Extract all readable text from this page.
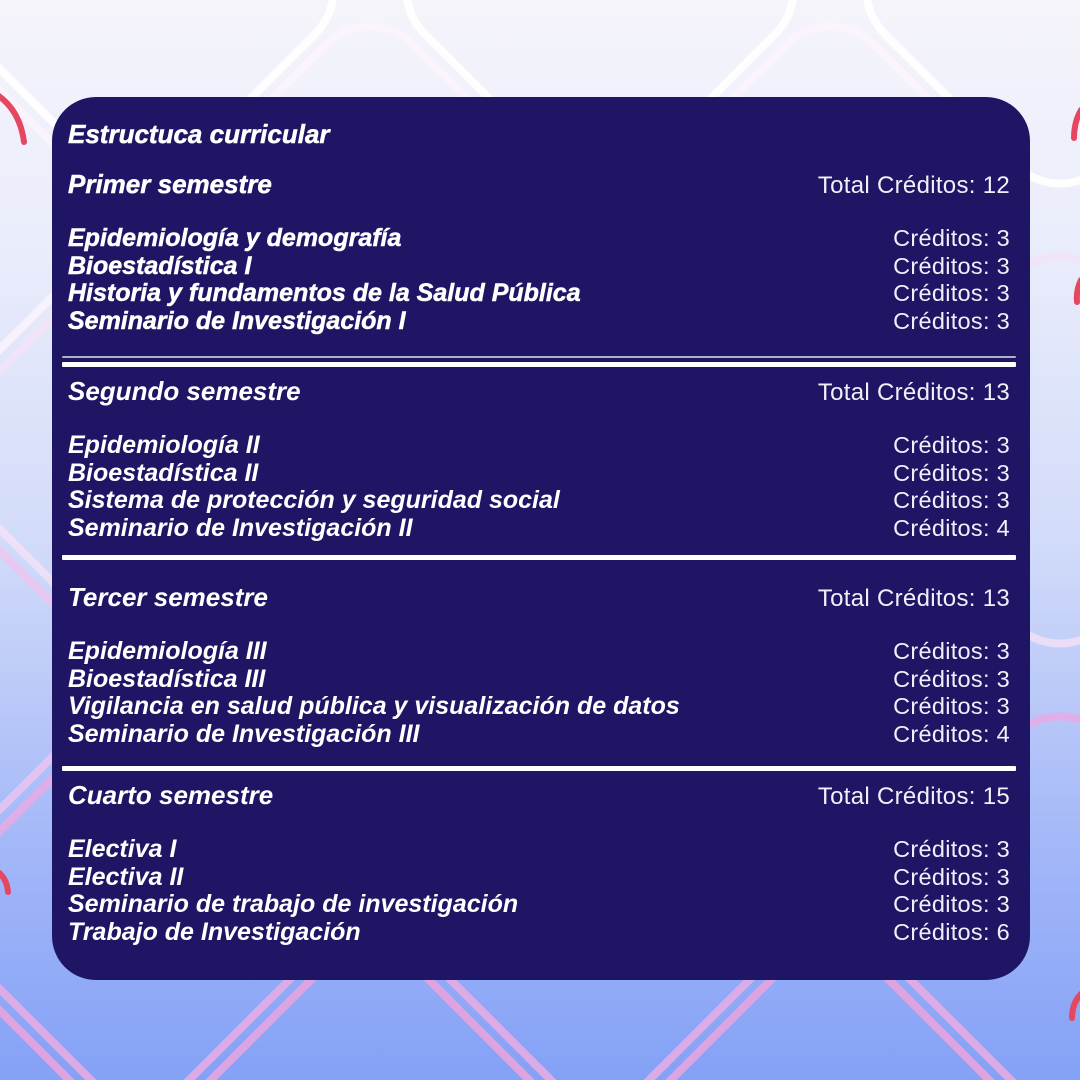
Estructuca curricular
Primer semestre	Total Créditos: 12
Epidemiología y demografía	Créditos: 3
Bioestadística I	Créditos: 3
Historia y fundamentos de la Salud Pública	Créditos: 3
Seminario de Investigación I	Créditos: 3
Segundo semestre	Total Créditos: 13
Epidemiología II	Créditos: 3
Bioestadística II	Créditos: 3
Sistema de protección y seguridad social	Créditos: 3
Seminario de Investigación II	Créditos: 4
Tercer semestre	Total Créditos: 13
Epidemiología III	Créditos: 3
Bioestadística III	Créditos: 3
Vigilancia en salud pública y visualización de datos	Créditos: 3
Seminario de Investigación III	Créditos: 4
Cuarto semestre	Total Créditos: 15
Electiva I	Créditos: 3
Electiva II	Créditos: 3
Seminario de trabajo de investigación	Créditos: 3
Trabajo de Investigación	Créditos: 6
